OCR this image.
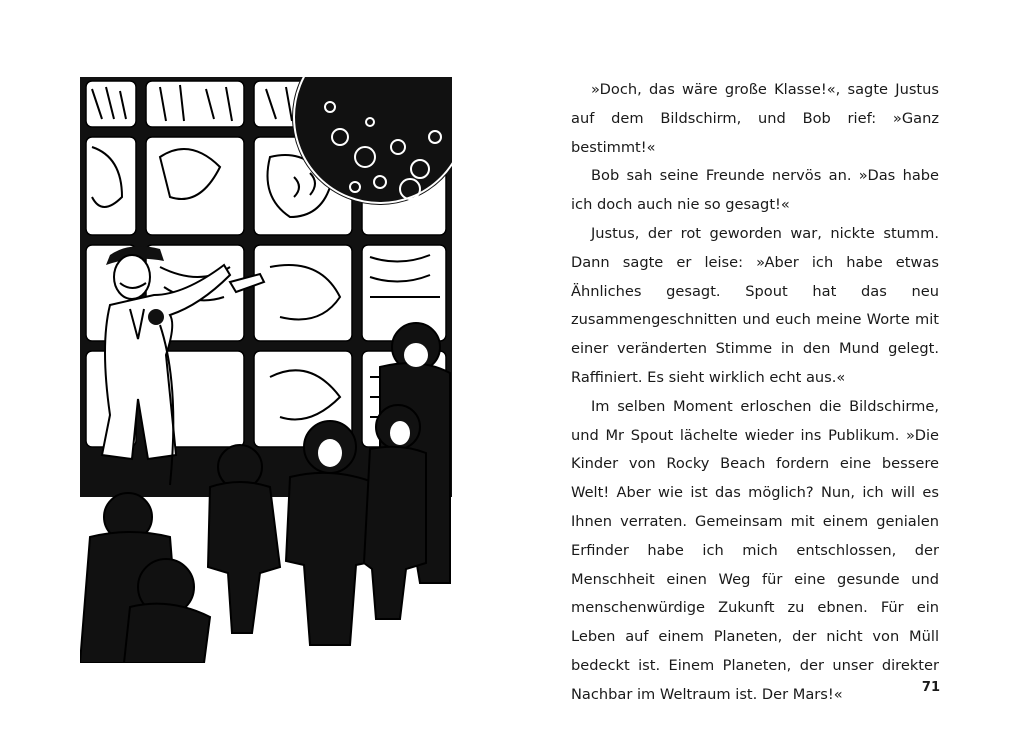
»Doch, das wäre große Klasse!«, sagte Justus auf dem Bildschirm, und Bob rief: »Ganz bestimmt!«

Bob sah seine Freunde nervös an. »Das habe ich doch auch nie so gesagt!«

Justus, der rot geworden war, nickte stumm. Dann sagte er leise: »Aber ich habe etwas Ähnliches gesagt. Spout hat das neu zusammengeschnitten und euch meine Worte mit einer veränderten Stimme in den Mund gelegt. Raffiniert. Es sieht wirklich echt aus.«

Im selben Moment erloschen die Bildschirme, und Mr Spout lächelte wieder ins Publikum. »Die Kinder von Rocky Beach fordern eine bessere Welt! Aber wie ist das möglich? Nun, ich will es Ihnen verraten. Gemeinsam mit einem genialen Erfinder habe ich mich entschlossen, der Menschheit einen Weg für eine gesunde und menschenwürdige Zukunft zu ebnen. Für ein Leben auf einem Planeten, der nicht von Müll bedeckt ist. Einem Planeten, der unser direkter Nachbar im Weltraum ist. Der Mars!«	71
